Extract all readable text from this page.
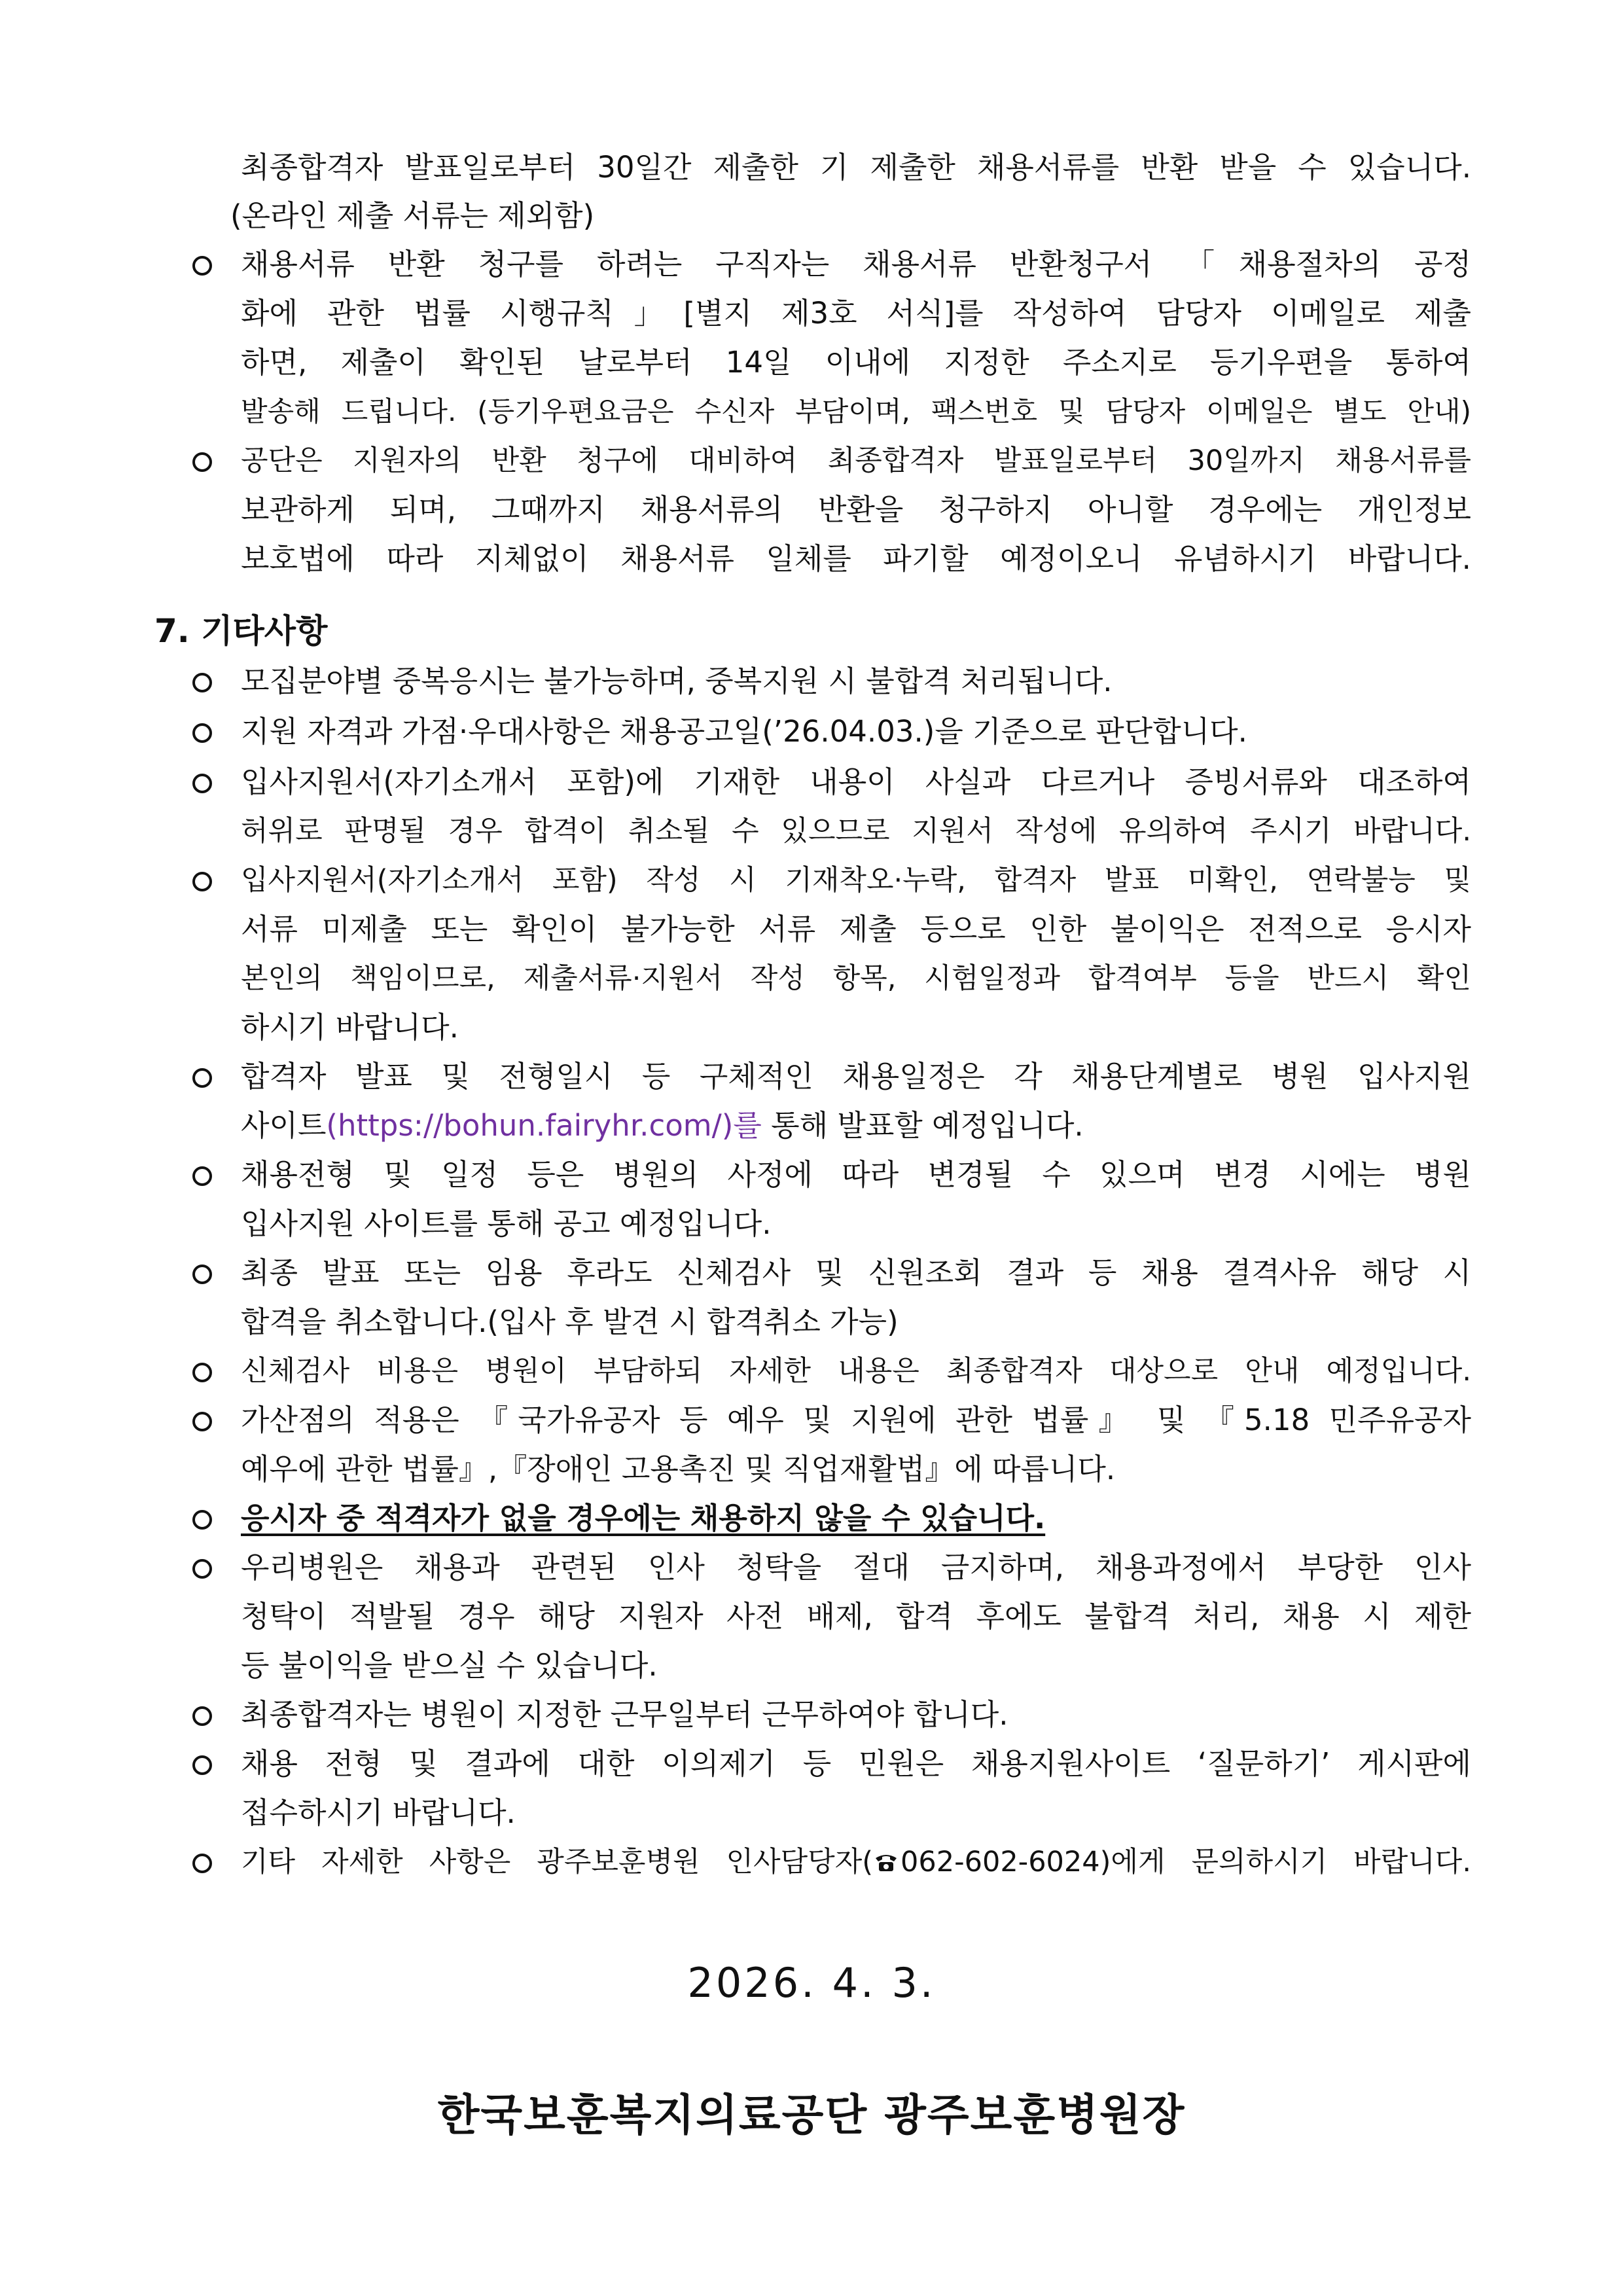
최종합격자 발표일로부터 30일간 제출한 기 제출한 채용서류를 반환 받을 수 있습니다.
(온라인 제출 서류는 제외함)
채용서류 반환 청구를 하려는 구직자는 채용서류 반환청구서 「채용절차의 공정
화에 관한 법률 시행규칙」[별지 제3호 서식]를 작성하여 담당자 이메일로 제출
하면, 제출이 확인된 날로부터 14일 이내에 지정한 주소지로 등기우편을 통하여
발송해 드립니다. (등기우편요금은 수신자 부담이며, 팩스번호 및 담당자 이메일은 별도 안내)
공단은 지원자의 반환 청구에 대비하여 최종합격자 발표일로부터 30일까지 채용서류를
보관하게 되며, 그때까지 채용서류의 반환을 청구하지 아니할 경우에는 개인정보
보호법에 따라 지체없이 채용서류 일체를 파기할 예정이오니 유념하시기 바랍니다.
7. 기타사항
모집분야별 중복응시는 불가능하며, 중복지원 시 불합격 처리됩니다.
지원 자격과 가점·우대사항은 채용공고일(’26.04.03.)을 기준으로 판단합니다.
입사지원서(자기소개서 포함)에 기재한 내용이 사실과 다르거나 증빙서류와 대조하여
허위로 판명될 경우 합격이 취소될 수 있으므로 지원서 작성에 유의하여 주시기 바랍니다.
입사지원서(자기소개서 포함) 작성 시 기재착오·누락, 합격자 발표 미확인, 연락불능 및
서류 미제출 또는 확인이 불가능한 서류 제출 등으로 인한 불이익은 전적으로 응시자
본인의 책임이므로, 제출서류·지원서 작성 항목, 시험일정과 합격여부 등을 반드시 확인
하시기 바랍니다.
합격자 발표 및 전형일시 등 구체적인 채용일정은 각 채용단계별로 병원 입사지원
사이트(https://bohun.fairyhr.com/)를 통해 발표할 예정입니다.
채용전형 및 일정 등은 병원의 사정에 따라 변경될 수 있으며 변경 시에는 병원
입사지원 사이트를 통해 공고 예정입니다.
최종 발표 또는 임용 후라도 신체검사 및 신원조회 결과 등 채용 결격사유 해당 시
합격을 취소합니다.(입사 후 발견 시 합격취소 가능)
신체검사 비용은 병원이 부담하되 자세한 내용은 최종합격자 대상으로 안내 예정입니다.
가산점의 적용은 『국가유공자 등 예우 및 지원에 관한 법률』 및 『5.18 민주유공자
예우에 관한 법률』,『장애인 고용촉진 및 직업재활법』에 따릅니다.
응시자 중 적격자가 없을 경우에는 채용하지 않을 수 있습니다.
우리병원은 채용과 관련된 인사 청탁을 절대 금지하며, 채용과정에서 부당한 인사
청탁이 적발될 경우 해당 지원자 사전 배제, 합격 후에도 불합격 처리, 채용 시 제한
등 불이익을 받으실 수 있습니다.
최종합격자는 병원이 지정한 근무일부터 근무하여야 합니다.
채용 전형 및 결과에 대한 이의제기 등 민원은 채용지원사이트 ‘질문하기’ 게시판에
접수하시기 바랍니다.
기타 자세한 사항은 광주보훈병원 인사담당자( 062-602-6024)에게 문의하시기 바랍니다.
2026. 4. 3.
한국보훈복지의료공단 광주보훈병원장
